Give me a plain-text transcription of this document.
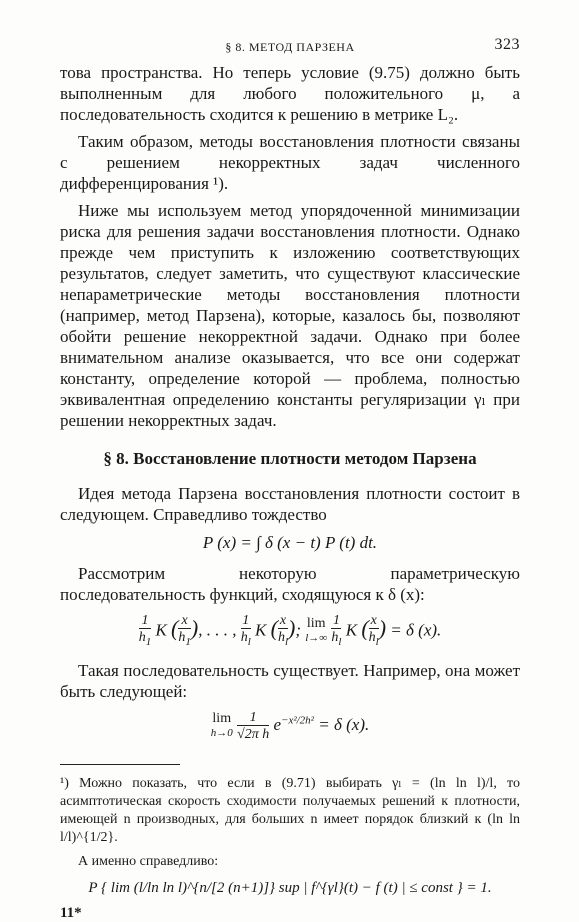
§ 8. МЕТОД ПАРЗЕНА	323

това пространства. Но теперь условие (9.75) должно быть выполненным для любого положительного μ, а последовательность сходится к решению в метрике L₂.

Таким образом, методы восстановления плотности связаны с решением некорректных задач численного дифференцирования ¹).

Ниже мы используем метод упорядоченной минимизации риска для решения задачи восстановления плотности. Однако прежде чем приступить к изложению соответствующих результатов, следует заметить, что существуют классические непараметрические методы восстановления плотности (например, метод Парзена), которые, казалось бы, позволяют обойти решение некорректной задачи. Однако при более внимательном анализе оказывается, что все они содержат константу, определение которой — проблема, полностью эквивалентная определению константы регуляризации γₗ при решении некорректных задач.

§ 8. Восстановление плотности методом Парзена

Идея метода Парзена восстановления плотности состоит в следующем. Справедливо тождество

P (x) = ∫ δ (x − t) P (t) dt.

Рассмотрим некоторую параметрическую последовательность функций, сходящуюся к δ (x):

$\frac{1}{h_1}$ K ( $\frac{x}{h_1}$ ), . . . , $\frac{1}{h_l}$ K ( $\frac{x}{h_l}$ ); lim
l→∞
$\frac{1}{h_l}$ K ( $\frac{x}{h_l}$ ) = δ (x).

Такая последовательность существует. Например, она может быть следующей:

lim
h→0
$\frac{1}{\text{√2π h}} e^{-x^2/2h^2} = \delta$ (x).

¹) Можно показать, что если в (9.71) выбирать γₗ = (ln ln l)/l, то асимптотическая скорость сходимости получаемых решений к плотности, имеющей n производных, для больших n имеет порядок близкий к (ln ln l/l)^{1/2}.

А именно справедливо:

P { lim (l/ln ln l)^{n/[2 (n+1)]} sup | f^{γl}(t) − f (t) | ≤ const } = 1.
11*
